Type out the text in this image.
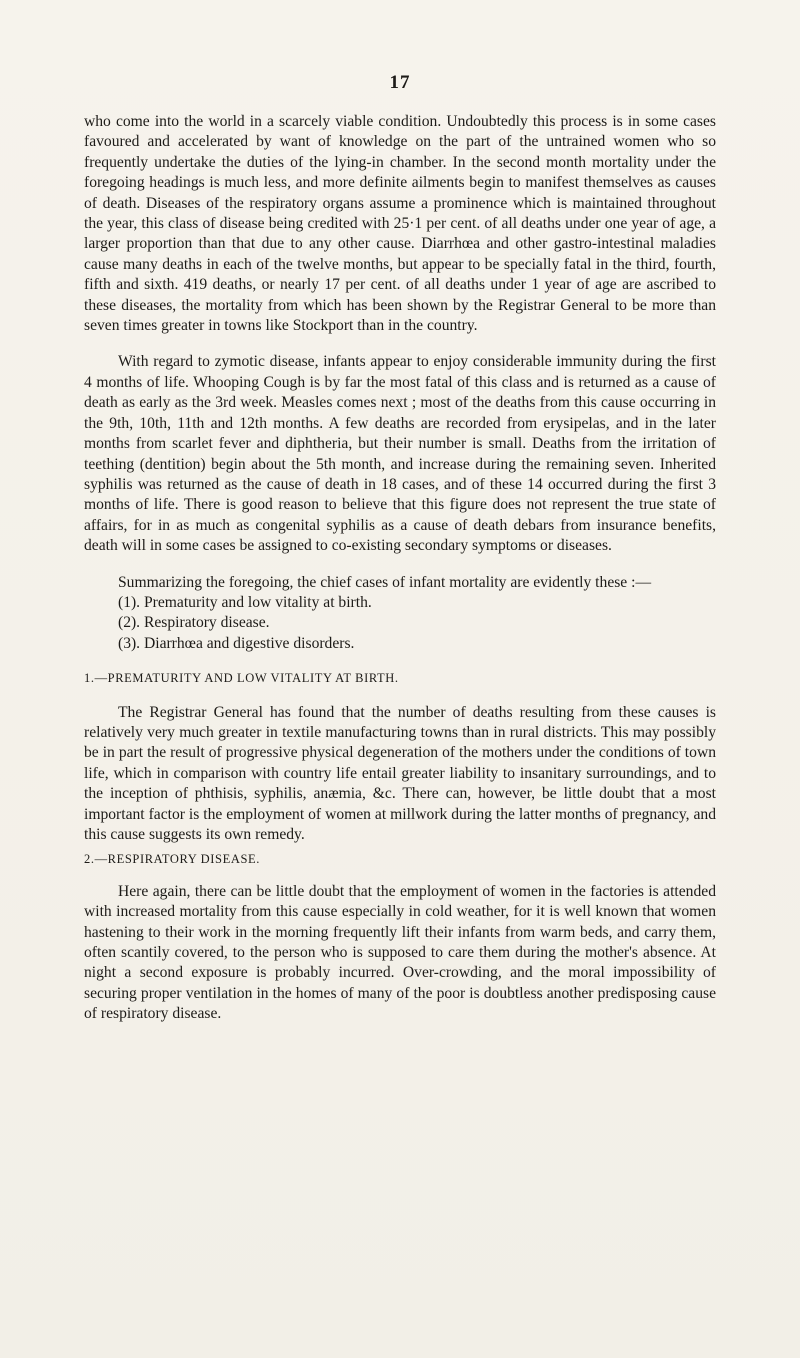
17

who come into the world in a scarcely viable condition. Undoubtedly this process is in some cases favoured and accelerated by want of knowledge on the part of the untrained women who so frequently undertake the duties of the lying-in chamber. In the second month mortality under the foregoing headings is much less, and more definite ailments begin to manifest themselves as causes of death. Diseases of the respiratory organs assume a prominence which is maintained throughout the year, this class of disease being credited with 25·1 per cent. of all deaths under one year of age, a larger proportion than that due to any other cause. Diarrhœa and other gastro-intestinal maladies cause many deaths in each of the twelve months, but appear to be specially fatal in the third, fourth, fifth and sixth. 419 deaths, or nearly 17 per cent. of all deaths under 1 year of age are ascribed to these diseases, the mortality from which has been shown by the Registrar General to be more than seven times greater in towns like Stockport than in the country.

With regard to zymotic disease, infants appear to enjoy considerable immunity during the first 4 months of life. Whooping Cough is by far the most fatal of this class and is returned as a cause of death as early as the 3rd week. Measles comes next ; most of the deaths from this cause occurring in the 9th, 10th, 11th and 12th months. A few deaths are recorded from erysipelas, and in the later months from scarlet fever and diphtheria, but their number is small. Deaths from the irritation of teething (dentition) begin about the 5th month, and increase during the remaining seven. Inherited syphilis was returned as the cause of death in 18 cases, and of these 14 occurred during the first 3 months of life. There is good reason to believe that this figure does not represent the true state of affairs, for in as much as congenital syphilis as a cause of death debars from insurance benefits, death will in some cases be assigned to co-existing secondary symptoms or diseases.

Summarizing the foregoing, the chief cases of infant mortality are evidently these :—

(1). Prematurity and low vitality at birth.
(2). Respiratory disease.
(3). Diarrhœa and digestive disorders.

1.—PREMATURITY AND LOW VITALITY AT BIRTH.

The Registrar General has found that the number of deaths resulting from these causes is relatively very much greater in textile manufacturing towns than in rural districts. This may possibly be in part the result of progressive physical degeneration of the mothers under the conditions of town life, which in comparison with country life entail greater liability to insanitary surroundings, and to the inception of phthisis, syphilis, anæmia, &c. There can, however, be little doubt that a most important factor is the employment of women at millwork during the latter months of pregnancy, and this cause suggests its own remedy.

2.—RESPIRATORY DISEASE.

Here again, there can be little doubt that the employment of women in the factories is attended with increased mortality from this cause especially in cold weather, for it is well known that women hastening to their work in the morning frequently lift their infants from warm beds, and carry them, often scantily covered, to the person who is supposed to care them during the mother's absence. At night a second exposure is probably incurred. Over-crowding, and the moral impossibility of securing proper ventilation in the homes of many of the poor is doubtless another predisposing cause of respiratory disease.
